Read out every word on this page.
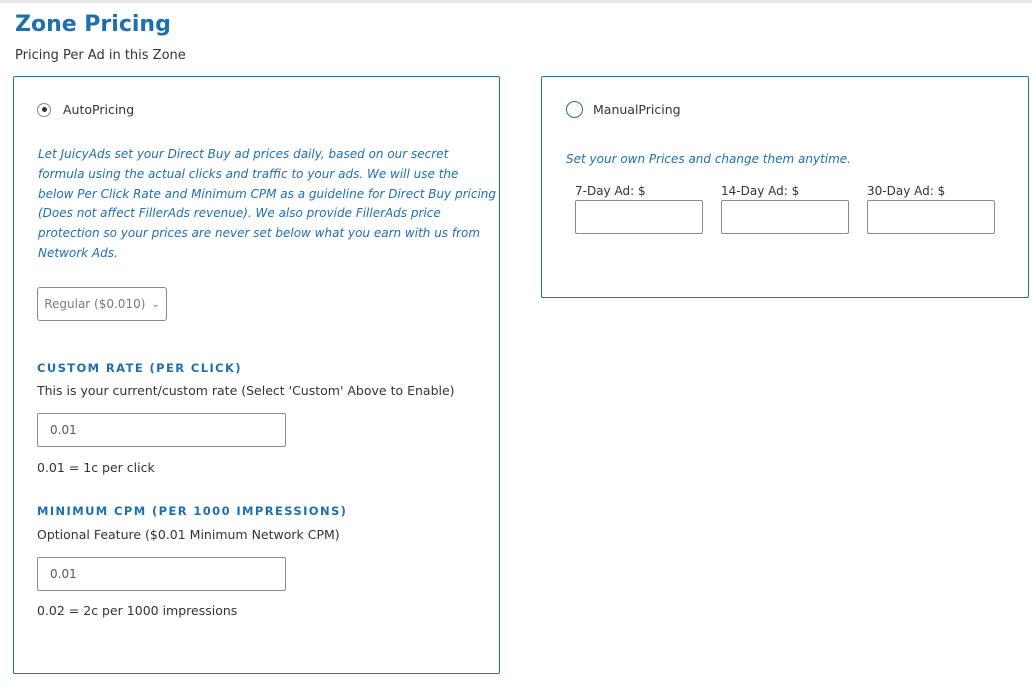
Zone Pricing
Pricing Per Ad in this Zone
AutoPricing
Let JuicyAds set your Direct Buy ad prices daily, based on our secret
formula using the actual clicks and traffic to your ads. We will use the
below Per Click Rate and Minimum CPM as a guideline for Direct Buy pricing
(Does not affect FillerAds revenue). We also provide FillerAds price
protection so your prices are never set below what you earn with us from
Network Ads.
Regular ($0.010) ⌄
CUSTOM RATE (PER CLICK)
This is your current/custom rate (Select 'Custom' Above to Enable)
0.01
0.01 = 1c per click
MINIMUM CPM (PER 1000 IMPRESSIONS)
Optional Feature ($0.01 Minimum Network CPM)
0.01
0.02 = 2c per 1000 impressions
ManualPricing
Set your own Prices and change them anytime.
7-Day Ad: $	14-Day Ad: $	30-Day Ad: $
